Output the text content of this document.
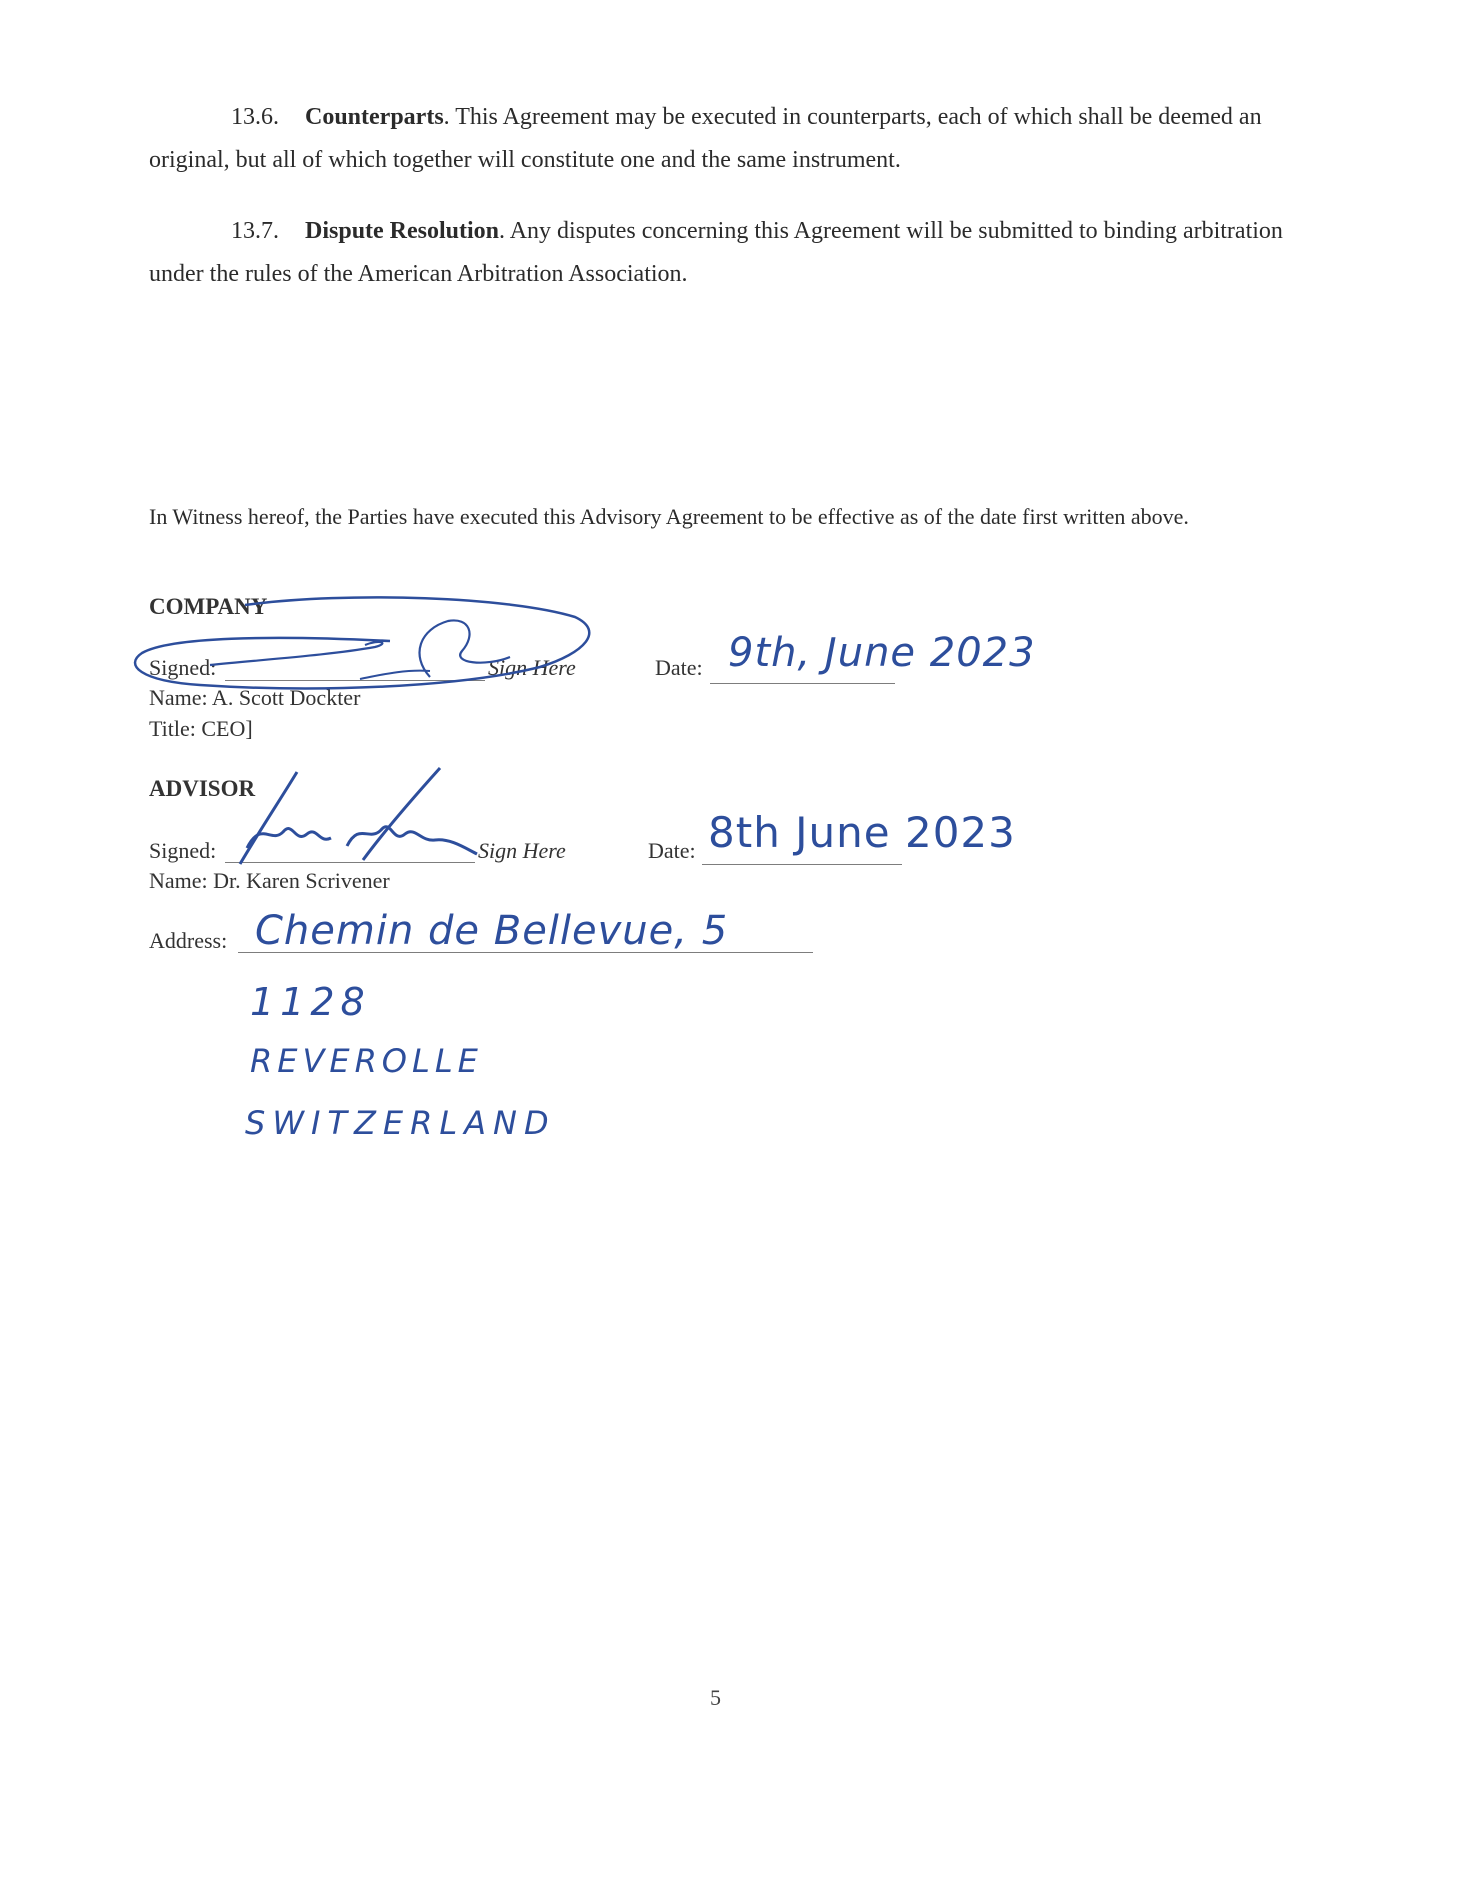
13.6. Counterparts. This Agreement may be executed in counterparts, each of which shall be deemed an original, but all of which together will constitute one and the same instrument.
13.7. Dispute Resolution. Any disputes concerning this Agreement will be submitted to binding arbitration under the rules of the American Arbitration Association.
In Witness hereof, the Parties have executed this Advisory Agreement to be effective as of the date first written above.
COMPANY
Signed:	Sign Here
Name: A. Scott Dockter
Title: CEO]
Date: 9th, June 2023
ADVISOR
Signed:	Sign Here
Name: Dr. Karen Scrivener
Date: 8th June 2023
Address: Chemin de Bellevue, 5
1128
REVEROLLE
SWITZERLAND
5
